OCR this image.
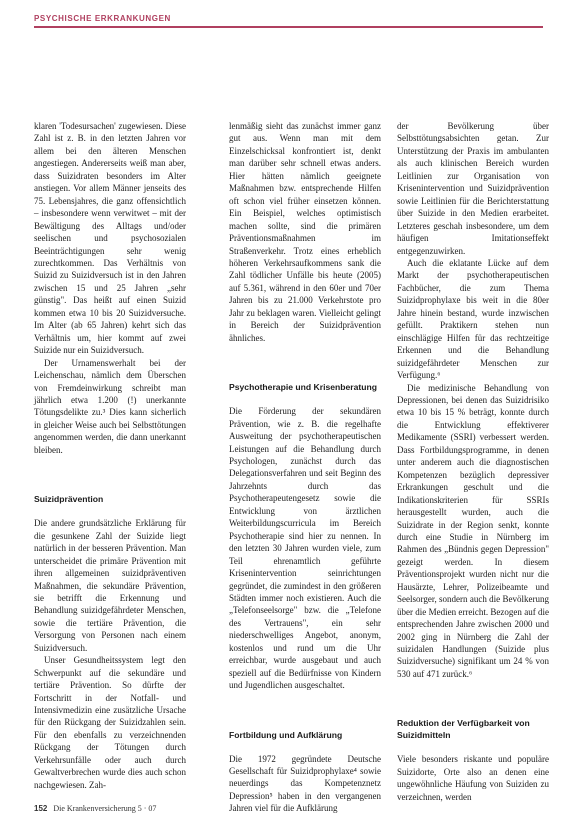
PSYCHISCHE ERKRANKUNGEN

klaren 'Todesursachen' zugewiesen. Diese Zahl ist z. B. in den letzten Jahren vor allem bei den älteren Menschen angestiegen. Andererseits weiß man aber, dass Suizidraten besonders im Alter anstiegen. Vor allem Männer jenseits des 75. Lebensjahres, die ganz offensichtlich – insbesondere wenn verwitwet – mit der Bewältigung des Alltags und/oder seelischen und psychosozialen Beeinträchtigungen sehr wenig zurechtkommen. Das Verhältnis von Suizid zu Suizidversuch ist in den Jahren zwischen 15 und 25 Jahren „sehr günstig". Das heißt auf einen Suizid kommen etwa 10 bis 20 Suizidversuche. Im Alter (ab 65 Jahren) kehrt sich das Verhältnis um, hier kommt auf zwei Suizide nur ein Suizidversuch.

Der Urnamenswerhalt bei der Leichenschau, nämlich dem Überschen von Fremdeinwirkung schreibt man jährlich etwa 1.200 (!) unerkannte Tötungsdelikte zu.³ Dies kann sicherlich in gleicher Weise auch bei Selbsttötungen angenommen werden, die dann unerkannt bleiben.

Suizidprävention

Die andere grundsätzliche Erklärung für die gesunkene Zahl der Suizide liegt natürlich in der besseren Prävention. Man unterscheidet die primäre Prävention mit ihren allgemeinen suizidpräventiven Maßnahmen, die sekundäre Prävention, sie betrifft die Erkennung und Behandlung suizidgefährdeter Menschen, sowie die tertiäre Prävention, die Versorgung von Personen nach einem Suizidversuch.

Unser Gesundheitssystem legt den Schwerpunkt auf die sekundäre und tertiäre Prävention. So dürfte der Fortschritt in der Notfall- und Intensivmedizin eine zusätzliche Ursache für den Rückgang der Suizidzahlen sein. Für den ebenfalls zu verzeichnenden Rückgang der Tötungen durch Verkehrsunfälle oder auch durch Gewaltverbrechen wurde dies auch schon nachgewiesen. Zah-

lenmäßig sieht das zunächst immer ganz gut aus. Wenn man mit dem Einzelschicksal konfrontiert ist, denkt man darüber sehr schnell etwas anders. Hier hätten nämlich geeignete Maßnahmen bzw. entsprechende Hilfen oft schon viel früher einsetzen können. Ein Beispiel, welches optimistisch machen sollte, sind die primären Präventionsmaßnahmen im Straßenverkehr. Trotz eines erheblich höheren Verkehrsaufkommens sank die Zahl tödlicher Unfälle bis heute (2005) auf 5.361, während in den 60er und 70er Jahren bis zu 21.000 Verkehrstote pro Jahr zu beklagen waren. Vielleicht gelingt in Bereich der Suizidprävention ähnliches.

Psychotherapie und Krisenberatung

Die Förderung der sekundären Prävention, wie z. B. die regelhafte Ausweitung der psychotherapeutischen Leistungen auf die Behandlung durch Psychologen, zunächst durch das Delegationsverfahren und seit Beginn des Jahrzehnts durch das Psychotherapeutengesetz sowie die Entwicklung von ärztlichen Weiterbildungscurricula im Bereich Psychotherapie sind hier zu nennen. In den letzten 30 Jahren wurden viele, zum Teil ehrenamtlich geführte Krisenintervention seinrichtungen gegründet, die zumindest in den größeren Städten immer noch existieren. Auch die „Telefonseelsorge" bzw. die „Telefone des Vertrauens", ein sehr niederschwelliges Angebot, anonym, kostenlos und rund um die Uhr erreichbar, wurde ausgebaut und auch speziell auf die Bedürfnisse von Kindern und Jugendlichen ausgeschaltet.

Fortbildung und Aufklärung

Die 1972 gegründete Deutsche Gesellschaft für Suizidprophylaxe⁴ sowie neuerdings das Kompetenznetz Depression⁵ haben in den vergangenen Jahren viel für die Aufklärung

der Bevölkerung über Selbsttötungsabsichten getan. Zur Unterstützung der Praxis im ambulanten als auch klinischen Bereich wurden Leitlinien zur Organisation von Krisenintervention und Suizidprävention sowie Leitlinien für die Berichterstattung über Suizide in den Medien erarbeitet. Letzteres geschah insbesondere, um dem häufigen Imitationseffekt entgegenzuwirken.

Auch die eklatante Lücke auf dem Markt der psychotherapeutischen Fachbücher, die zum Thema Suizidprophylaxe bis weit in die 80er Jahre hinein bestand, wurde inzwischen gefüllt. Praktikern stehen nun einschlägige Hilfen für das rechtzeitige Erkennen und die Behandlung suizidgefährdeter Menschen zur Verfügung.⁶

Die medizinische Behandlung von Depressionen, bei denen das Suizidrisiko etwa 10 bis 15 % beträgt, konnte durch die Entwicklung effektiverer Medikamente (SSRI) verbessert werden. Dass Fortbildungsprogramme, in denen unter anderem auch die diagnostischen Kompetenzen bezüglich depressiver Erkrankungen geschult und die Indikationskriterien für SSRIs herausgestellt wurden, auch die Suizidrate in der Region senkt, konnte durch eine Studie in Nürnberg im Rahmen des „Bündnis gegen Depression" gezeigt werden. In diesem Präventionsprojekt wurden nicht nur die Hausärzte, Lehrer, Polizeibeamte und Seelsorger, sondern auch die Bevölkerung über die Medien erreicht. Bezogen auf die entsprechenden Jahre zwischen 2000 und 2002 ging in Nürnberg die Zahl der suizidalen Handlungen (Suizide plus Suizidversuche) signifikant um 24 % von 530 auf 471 zurück.⁶

Reduktion der Verfügbarkeit von Suizidmitteln

Viele besonders riskante und populäre Suizidorte, Orte also an denen eine ungewöhnliche Häufung von Suiziden zu verzeichnen, werden

152 Die Krankenversicherung 5 · 07
